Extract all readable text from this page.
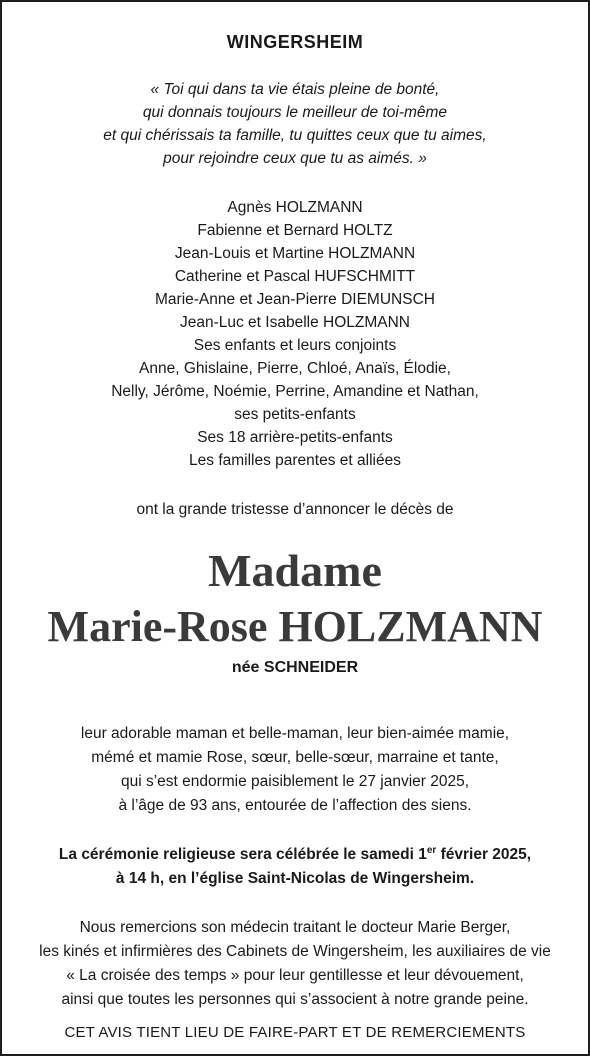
WINGERSHEIM
« Toi qui dans ta vie étais pleine de bonté,
qui donnais toujours le meilleur de toi-même
et qui chérissais ta famille, tu quittes ceux que tu aimes,
pour rejoindre ceux que tu as aimés. »
Agnès HOLZMANN
Fabienne et Bernard HOLTZ
Jean-Louis et Martine HOLZMANN
Catherine et Pascal HUFSCHMITT
Marie-Anne et Jean-Pierre DIEMUNSCH
Jean-Luc et Isabelle HOLZMANN
Ses enfants et leurs conjoints
Anne, Ghislaine, Pierre, Chloé, Anaïs, Élodie,
Nelly, Jérôme, Noémie, Perrine, Amandine et Nathan,
ses petits-enfants
Ses 18 arrière-petits-enfants
Les familles parentes et alliées
ont la grande tristesse d’annoncer le décès de
Madame
Marie-Rose HOLZMANN
née SCHNEIDER
leur adorable maman et belle-maman, leur bien-aimée mamie,
mémé et mamie Rose, sœur, belle-sœur, marraine et tante,
qui s’est endormie paisiblement le 27 janvier 2025,
à l’âge de 93 ans, entourée de l’affection des siens.
La cérémonie religieuse sera célébrée le samedi 1er février 2025,
à 14 h, en l’église Saint-Nicolas de Wingersheim.
Nous remercions son médecin traitant le docteur Marie Berger,
les kinés et infirmières des Cabinets de Wingersheim, les auxiliaires de vie
« La croisée des temps » pour leur gentillesse et leur dévouement,
ainsi que toutes les personnes qui s’associent à notre grande peine.
CET AVIS TIENT LIEU DE FAIRE-PART ET DE REMERCIEMENTS
